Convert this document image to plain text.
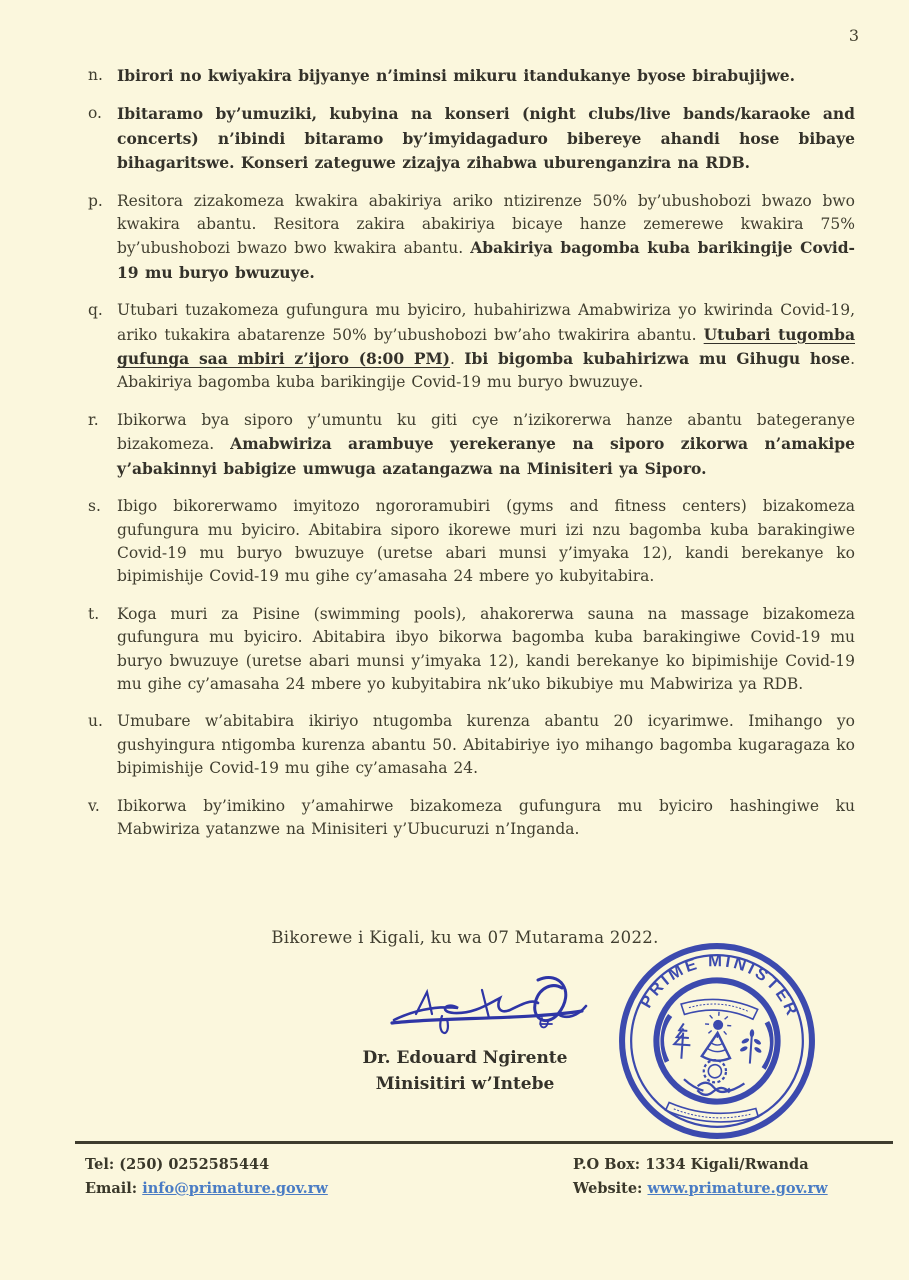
3
n. Ibirori no kwiyakira bijyanye n’iminsi mikuru itandukanye byose birabujijwe.

o. Ibitaramo by’umuziki, kubyina na konseri (night clubs/live bands/karaoke and concerts) n’ibindi bitaramo by’imyidagaduro bibereye ahandi hose bibaye bihagaritswe. Konseri zateguwe zizajya zihabwa uburenganzira na RDB.

p. Resitora zizakomeza kwakira abakiriya ariko ntizirenze 50% by’ubushobozi bwazo bwo kwakira abantu. Resitora zakira abakiriya bicaye hanze zemerewe kwakira 75% by’ubushobozi bwazo bwo kwakira abantu. Abakiriya bagomba kuba barikingije Covid-19 mu buryo bwuzuye.

q. Utubari tuzakomeza gufungura mu byiciro, hubahirizwa Amabwiriza yo kwirinda Covid-19, ariko tukakira abatarenze 50% by’ubushobozi bw’aho twakirira abantu. Utubari tugomba gufunga saa mbiri z’ijoro (8:00 PM). Ibi bigomba kubahirizwa mu Gihugu hose. Abakiriya bagomba kuba barikingije Covid-19 mu buryo bwuzuye.

r.	Ibikorwa bya siporo y’umuntu ku giti cye n’izikorerwa hanze abantu bategeranye bizakomeza. Amabwiriza arambuye yerekeranye na siporo zikorwa n’amakipe y’abakinnyi babigize umwuga azatangazwa na Minisiteri ya Siporo.

s.	Ibigo bikorerwamo imyitozo ngororamubiri (gyms and fitness centers) bizakomeza gufungura mu byiciro. Abitabira siporo ikorewe muri izi nzu bagomba kuba barakingiwe Covid-19 mu buryo bwuzuye (uretse abari munsi y’imyaka 12), kandi berekanye ko bipimishije Covid-19 mu gihe cy’amasaha 24 mbere yo kubyitabira.

t.	Koga muri za Pisine (swimming pools), ahakorerwa sauna na massage bizakomeza gufungura mu byiciro. Abitabira ibyo bikorwa bagomba kuba barakingiwe Covid-19 mu buryo bwuzuye (uretse abari munsi y’imyaka 12), kandi berekanye ko bipimishije Covid-19 mu gihe cy’amasaha 24 mbere yo kubyitabira nk’uko bikubiye mu Mabwiriza ya RDB.

u. Umubare w’abitabira ikiriyo ntugomba kurenza abantu 20 icyarimwe. Imihango yo gushyingura ntigomba kurenza abantu 50. Abitabiriye iyo mihango bagomba kugaragaza ko bipimishije Covid-19 mu gihe cy’amasaha 24.

v.	Ibikorwa by’imikino y’amahirwe bizakomeza gufungura mu byiciro hashingiwe ku Mabwiriza yatanzwe na Minisiteri y’Ubucuruzi n’Inganda.

Bikorewe i Kigali, ku wa 07 Mutarama 2022.
Dr. Edouard Ngirente
Minisitiri w’Intebe
PRIME MINISTER
Tel: (250) 0252585444
Email: info@primature.gov.rw
P.O Box: 1334 Kigali/Rwanda
Website: www.primature.gov.rw
